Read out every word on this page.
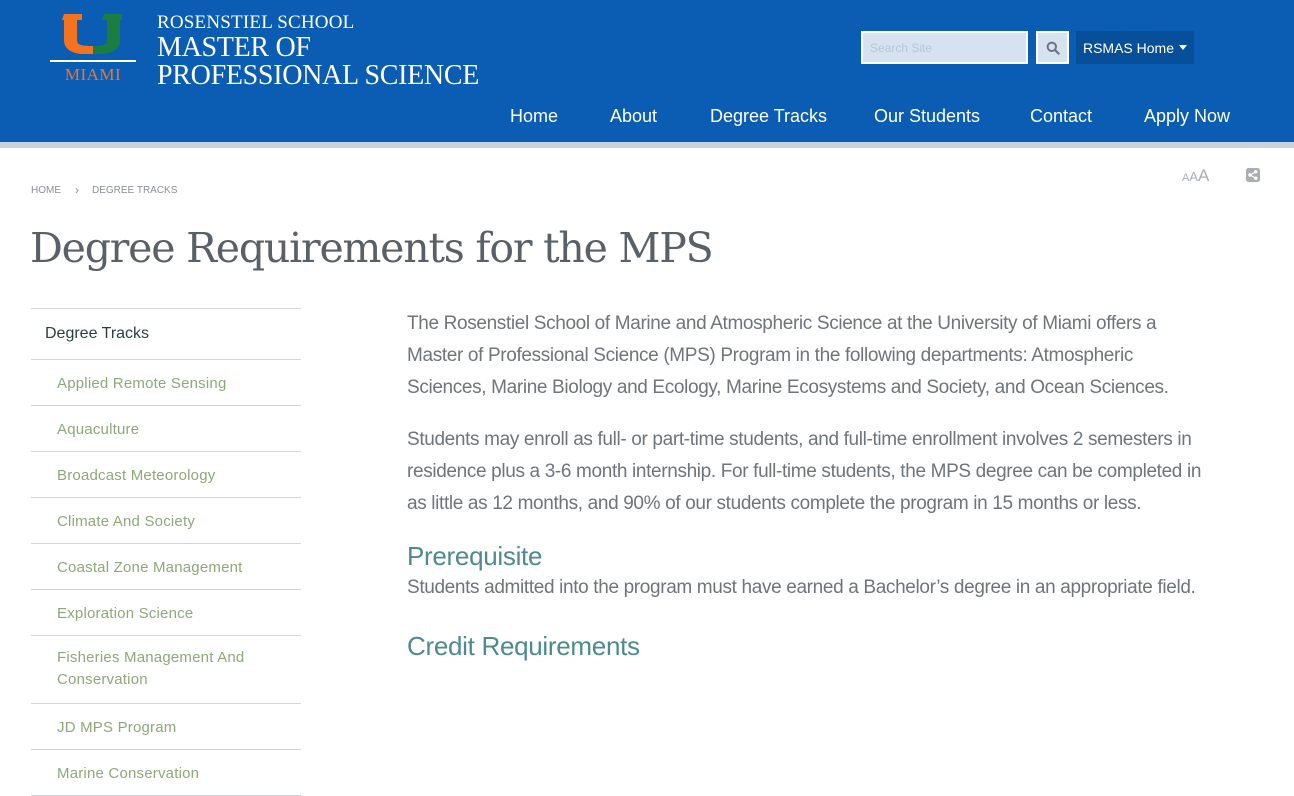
MIAMI
ROSENSTIEL SCHOOL
MASTER OF
PROFESSIONAL SCIENCE
Search Site
RSMAS Home
Home	About	Degree Tracks	Our Students	Contact	Apply Now
HOME › DEGREE TRACKS
A A A
Degree Requirements for the MPS
Degree Tracks
Applied Remote Sensing
Aquaculture
Broadcast Meteorology
Climate And Society
Coastal Zone Management
Exploration Science
Fisheries Management And Conservation
JD MPS Program
Marine Conservation

The Rosenstiel School of Marine and Atmospheric Science at the University of Miami offers a Master of Professional Science (MPS) Program in the following departments: Atmospheric Sciences, Marine Biology and Ecology, Marine Ecosystems and Society, and Ocean Sciences.

Students may enroll as full- or part-time students, and full-time enrollment involves 2 semesters in residence plus a 3-6 month internship. For full-time students, the MPS degree can be completed in as little as 12 months, and 90% of our students complete the program in 15 months or less.

Prerequisite

Students admitted into the program must have earned a Bachelor’s degree in an appropriate field.

Credit Requirements
